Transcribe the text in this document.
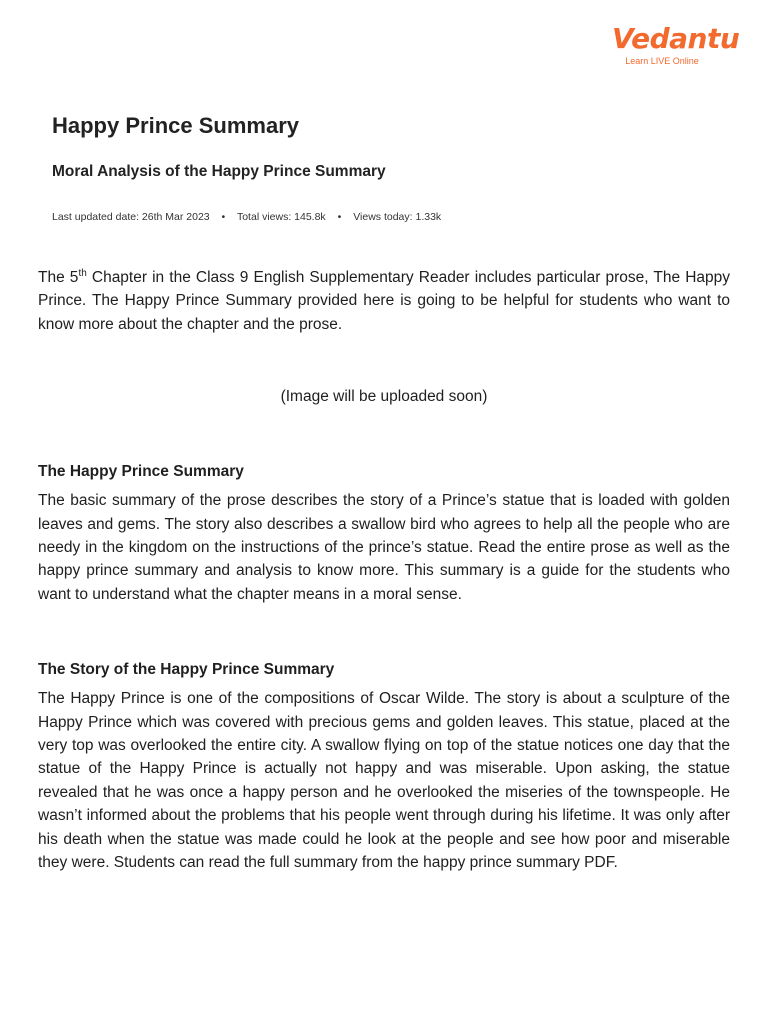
Vedantu
Learn LIVE Online
Happy Prince Summary
Moral Analysis of the Happy Prince Summary
Last updated date: 26th Mar 2023 • Total views: 145.8k • Views today: 1.33k

The 5th Chapter in the Class 9 English Supplementary Reader includes particular prose, The Happy Prince. The Happy Prince Summary provided here is going to be helpful for students who want to know more about the chapter and the prose.

(Image will be uploaded soon)

The Happy Prince Summary

The basic summary of the prose describes the story of a Prince’s statue that is loaded with golden leaves and gems. The story also describes a swallow bird who agrees to help all the people who are needy in the kingdom on the instructions of the prince’s statue. Read the entire prose as well as the happy prince summary and analysis to know more. This summary is a guide for the students who want to understand what the chapter means in a moral sense.

The Story of the Happy Prince Summary

The Happy Prince is one of the compositions of Oscar Wilde. The story is about a sculpture of the Happy Prince which was covered with precious gems and golden leaves. This statue, placed at the very top was overlooked the entire city. A swallow flying on top of the statue notices one day that the statue of the Happy Prince is actually not happy and was miserable. Upon asking, the statue revealed that he was once a happy person and he overlooked the miseries of the townspeople. He wasn’t informed about the problems that his people went through during his lifetime. It was only after his death when the statue was made could he look at the people and see how poor and miserable they were. Students can read the full summary from the happy prince summary PDF.
